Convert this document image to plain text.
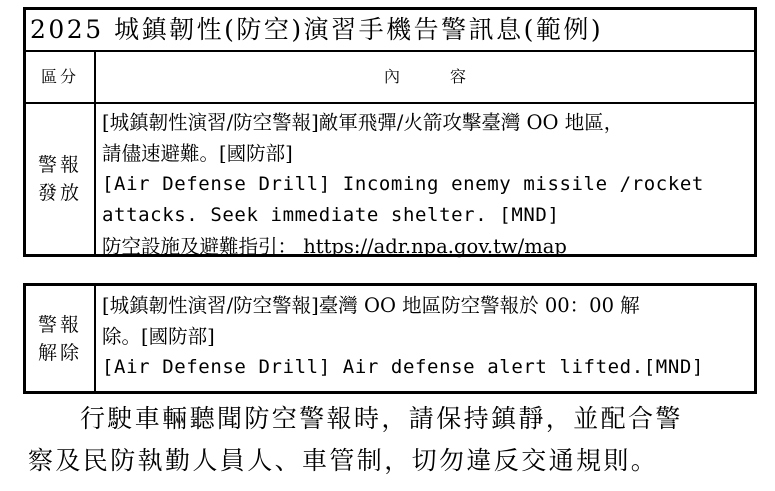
2025 城鎮韌性(防空)演習手機告警訊息(範例)
區分	內容
警報
發放
[城鎮韌性演習/防空警報]敵軍飛彈/火箭攻擊臺灣 OO 地區，
請儘速避難。[國防部]
[Air Defense Drill] Incoming enemy missile /rocket
attacks. Seek immediate shelter. [MND]
防空設施及避難指引： https://adr.npa.gov.tw/map
警報
解除
[城鎮韌性演習/防空警報]臺灣 OO 地區防空警報於 00：00 解
除。[國防部]
[Air Defense Drill] Air defense alert lifted.[MND]
行駛車輛聽聞防空警報時，請保持鎮靜，並配合警
察及民防執勤人員人、車管制，切勿違反交通規則。
